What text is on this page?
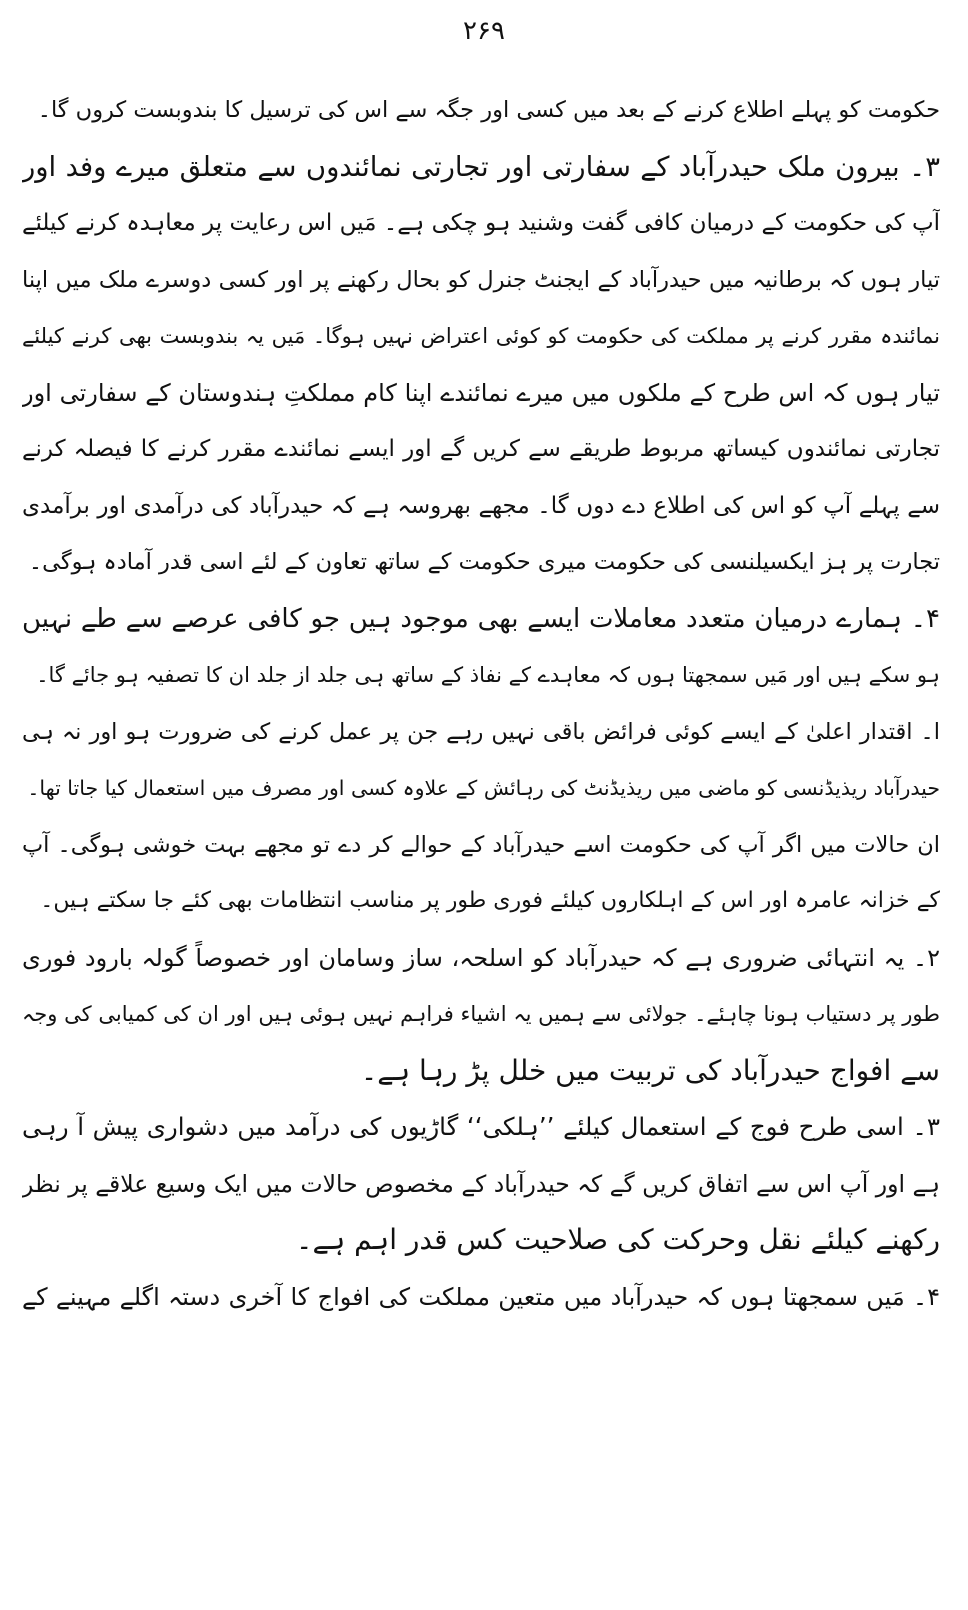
۲۶۹
حکومت کو پہلے اطلاع کرنے کے بعد میں کسی اور جگہ سے اس کی ترسیل کا بندوبست کروں گا۔
۳۔ بیرون ملک حیدرآباد کے سفارتی اور تجارتی نمائندوں سے متعلق میرے وفد اور
آپ کی حکومت کے درمیان کافی گفت وشنید ہو چکی ہے۔ مَیں اس رعایت پر معاہدہ کرنے کیلئے
تیار ہوں کہ برطانیہ میں حیدرآباد کے ایجنٹ جنرل کو بحال رکھنے پر اور کسی دوسرے ملک میں اپنا
نمائندہ مقرر کرنے پر مملکت کی حکومت کو کوئی اعتراض نہیں ہوگا۔ مَیں یہ بندوبست بھی کرنے کیلئے
تیار ہوں کہ اس طرح کے ملکوں میں میرے نمائندے اپنا کام مملکتِ ہندوستان کے سفارتی اور
تجارتی نمائندوں کیساتھ مربوط طریقے سے کریں گے اور ایسے نمائندے مقرر کرنے کا فیصلہ کرنے
سے پہلے آپ کو اس کی اطلاع دے دوں گا۔ مجھے بھروسہ ہے کہ حیدرآباد کی درآمدی اور برآمدی
تجارت پر ہز ایکسیلنسی کی حکومت میری حکومت کے ساتھ تعاون کے لئے اسی قدر آمادہ ہوگی۔
۴۔ ہمارے درمیان متعدد معاملات ایسے بھی موجود ہیں جو کافی عرصے سے طے نہیں
ہو سکے ہیں اور مَیں سمجھتا ہوں کہ معاہدے کے نفاذ کے ساتھ ہی جلد از جلد ان کا تصفیہ ہو جائے گا۔
ا۔ اقتدار اعلیٰ کے ایسے کوئی فرائض باقی نہیں رہے جن پر عمل کرنے کی ضرورت ہو اور نہ ہی
حیدرآباد ریذیڈنسی کو ماضی میں ریذیڈنٹ کی رہائش کے علاوہ کسی اور مصرف میں استعمال کیا جاتا تھا۔
ان حالات میں اگر آپ کی حکومت اسے حیدرآباد کے حوالے کر دے تو مجھے بہت خوشی ہوگی۔ آپ
کے خزانہ عامرہ اور اس کے اہلکاروں کیلئے فوری طور پر مناسب انتظامات بھی کئے جا سکتے ہیں۔
۲۔ یہ انتہائی ضروری ہے کہ حیدرآباد کو اسلحہ، ساز وسامان اور خصوصاً گولہ بارود فوری
طور پر دستیاب ہونا چاہئے۔ جولائی سے ہمیں یہ اشیاء فراہم نہیں ہوئی ہیں اور ان کی کمیابی کی وجہ
سے افواج حیدرآباد کی تربیت میں خلل پڑ رہا ہے۔
۳۔ اسی طرح فوج کے استعمال کیلئے ’’ہلکی‘‘ گاڑیوں کی درآمد میں دشواری پیش آ رہی
ہے اور آپ اس سے اتفاق کریں گے کہ حیدرآباد کے مخصوص حالات میں ایک وسیع علاقے پر نظر
رکھنے کیلئے نقل وحرکت کی صلاحیت کس قدر اہم ہے۔
۴۔ مَیں سمجھتا ہوں کہ حیدرآباد میں متعین مملکت کی افواج کا آخری دستہ اگلے مہینے کے
